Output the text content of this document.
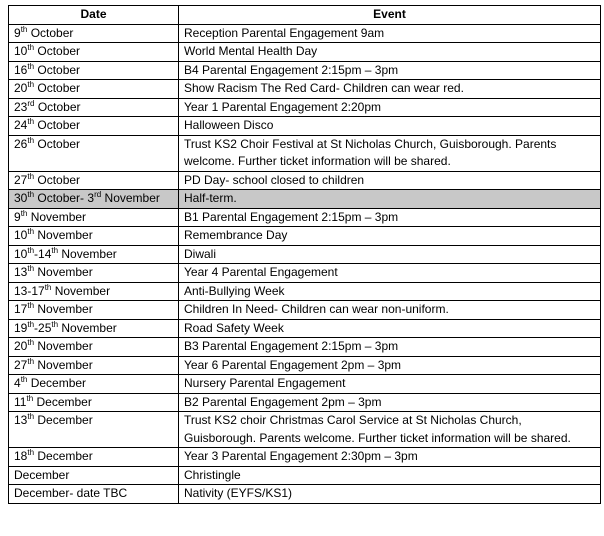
Date	Event
9th October	Reception Parental Engagement 9am
10th October	World Mental Health Day
16th October	B4 Parental Engagement 2:15pm – 3pm
20th October	Show Racism The Red Card- Children can wear red.
23rd October	Year 1 Parental Engagement 2:20pm
24th October	Halloween Disco
26th October	Trust KS2 Choir Festival at St Nicholas Church, Guisborough. Parents welcome. Further ticket information will be shared.
27th October	PD Day- school closed to children
30th October- 3rd November	Half-term.
9th November	B1 Parental Engagement 2:15pm – 3pm
10th November	Remembrance Day
10th-14th November	Diwali
13th November	Year 4 Parental Engagement
13-17th November	Anti-Bullying Week
17th November	Children In Need- Children can wear non-uniform.
19th-25th November	Road Safety Week
20th November	B3 Parental Engagement 2:15pm – 3pm
27th November	Year 6 Parental Engagement 2pm – 3pm
4th December	Nursery Parental Engagement
11th December	B2 Parental Engagement 2pm – 3pm
13th December	Trust KS2 choir Christmas Carol Service at St Nicholas Church, Guisborough. Parents welcome. Further ticket information will be shared.
18th December	Year 3 Parental Engagement 2:30pm – 3pm
December	Christingle
December- date TBC	Nativity (EYFS/KS1)
